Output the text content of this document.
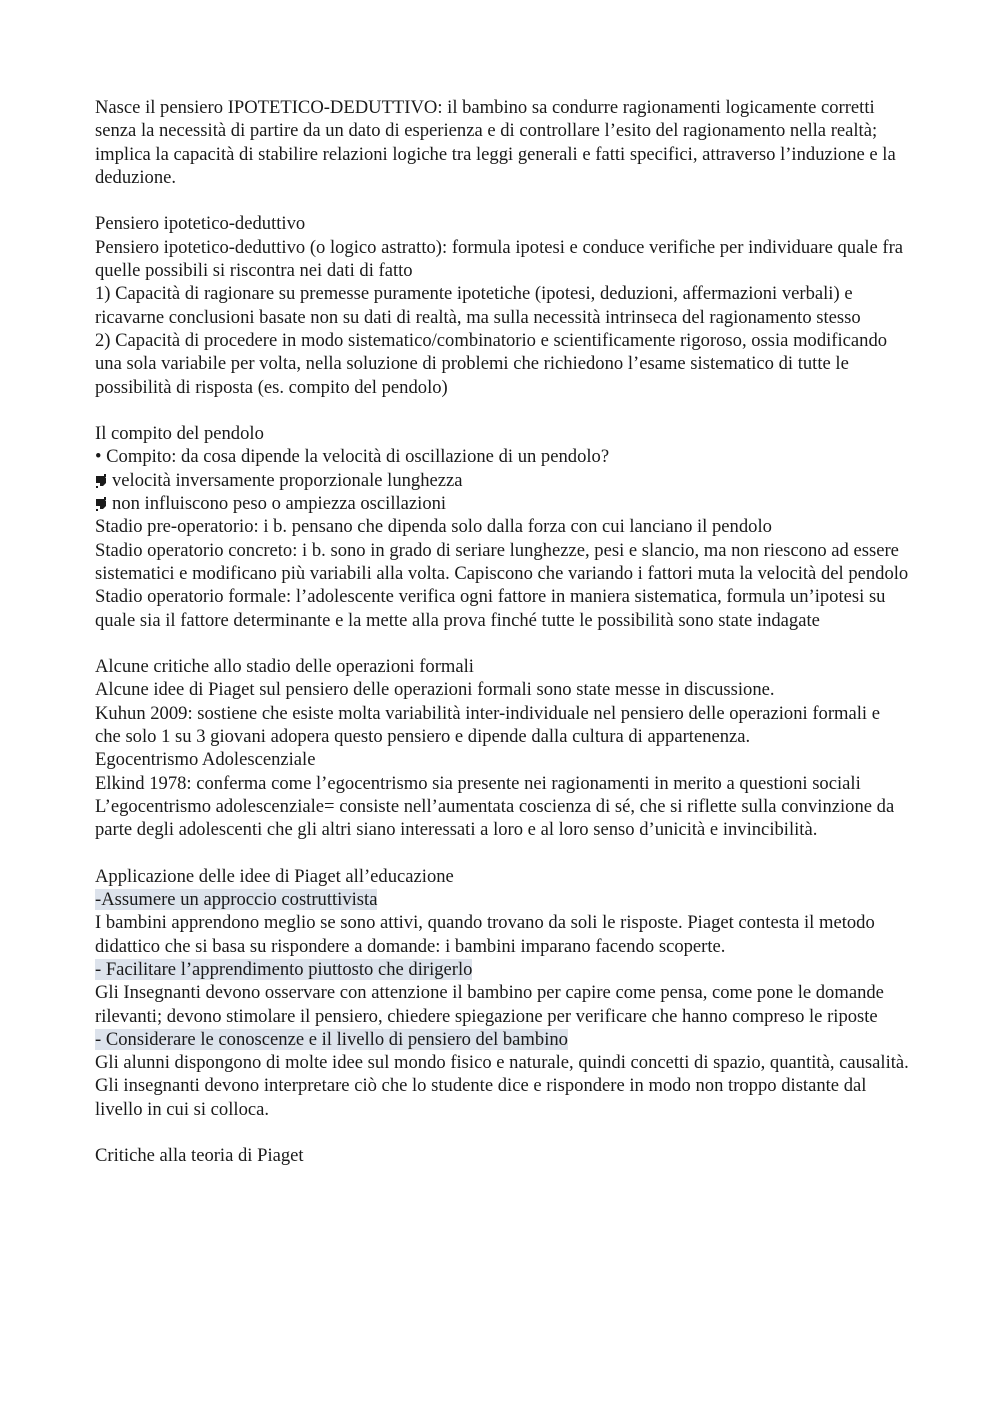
Nasce il pensiero IPOTETICO-DEDUTTIVO: il bambino sa condurre ragionamenti logicamente corretti senza la necessità di partire da un dato di esperienza e di controllare l’esito del ragionamento nella realtà; implica la capacità di stabilire relazioni logiche tra leggi generali e fatti specifici, attraverso l’induzione e la deduzione.

Pensiero ipotetico-deduttivo

Pensiero ipotetico-deduttivo (o logico astratto): formula ipotesi e conduce verifiche per individuare quale fra quelle possibili si riscontra nei dati di fatto

1) Capacità di ragionare su premesse puramente ipotetiche (ipotesi, deduzioni, affermazioni verbali) e ricavarne conclusioni basate non su dati di realtà, ma sulla necessità intrinseca del ragionamento stesso

2) Capacità di procedere in modo sistematico/combinatorio e scientificamente rigoroso, ossia modificando una sola variabile per volta, nella soluzione di problemi che richiedono l’esame sistematico di tutte le possibilità di risposta (es. compito del pendolo)

Il compito del pendolo

• Compito: da cosa dipende la velocità di oscillazione di un pendolo?

velocità inversamente proporzionale lunghezza

non influiscono peso o ampiezza oscillazioni

Stadio pre-operatorio: i b. pensano che dipenda solo dalla forza con cui lanciano il pendolo

Stadio operatorio concreto: i b. sono in grado di seriare lunghezze, pesi e slancio, ma non riescono ad essere sistematici e modificano più variabili alla volta. Capiscono che variando i fattori muta la velocità del pendolo

Stadio operatorio formale: l’adolescente verifica ogni fattore in maniera sistematica, formula un’ipotesi su quale sia il fattore determinante e la mette alla prova finché tutte le possibilità sono state indagate

Alcune critiche allo stadio delle operazioni formali

Alcune idee di Piaget sul pensiero delle operazioni formali sono state messe in discussione.

Kuhun 2009: sostiene che esiste molta variabilità inter-individuale nel pensiero delle operazioni formali e che solo 1 su 3 giovani adopera questo pensiero e dipende dalla cultura di appartenenza.

Egocentrismo Adolescenziale

Elkind 1978: conferma come l’egocentrismo sia presente nei ragionamenti in merito a questioni sociali

L’egocentrismo adolescenziale= consiste nell’aumentata coscienza di sé, che si riflette sulla convinzione da parte degli adolescenti che gli altri siano interessati a loro e al loro senso d’unicità e invincibilità.

Applicazione delle idee di Piaget all’educazione

-Assumere un approccio costruttivista

I bambini apprendono meglio se sono attivi, quando trovano da soli le risposte. Piaget contesta il metodo didattico che si basa su rispondere a domande: i bambini imparano facendo scoperte.

- Facilitare l’apprendimento piuttosto che dirigerlo

Gli Insegnanti devono osservare con attenzione il bambino per capire come pensa, come pone le domande rilevanti; devono stimolare il pensiero, chiedere spiegazione per verificare che hanno compreso le riposte

- Considerare le conoscenze e il livello di pensiero del bambino

Gli alunni dispongono di molte idee sul mondo fisico e naturale, quindi concetti di spazio, quantità, causalità. Gli insegnanti devono interpretare ciò che lo studente dice e rispondere in modo non troppo distante dal livello in cui si colloca.

Critiche alla teoria di Piaget
